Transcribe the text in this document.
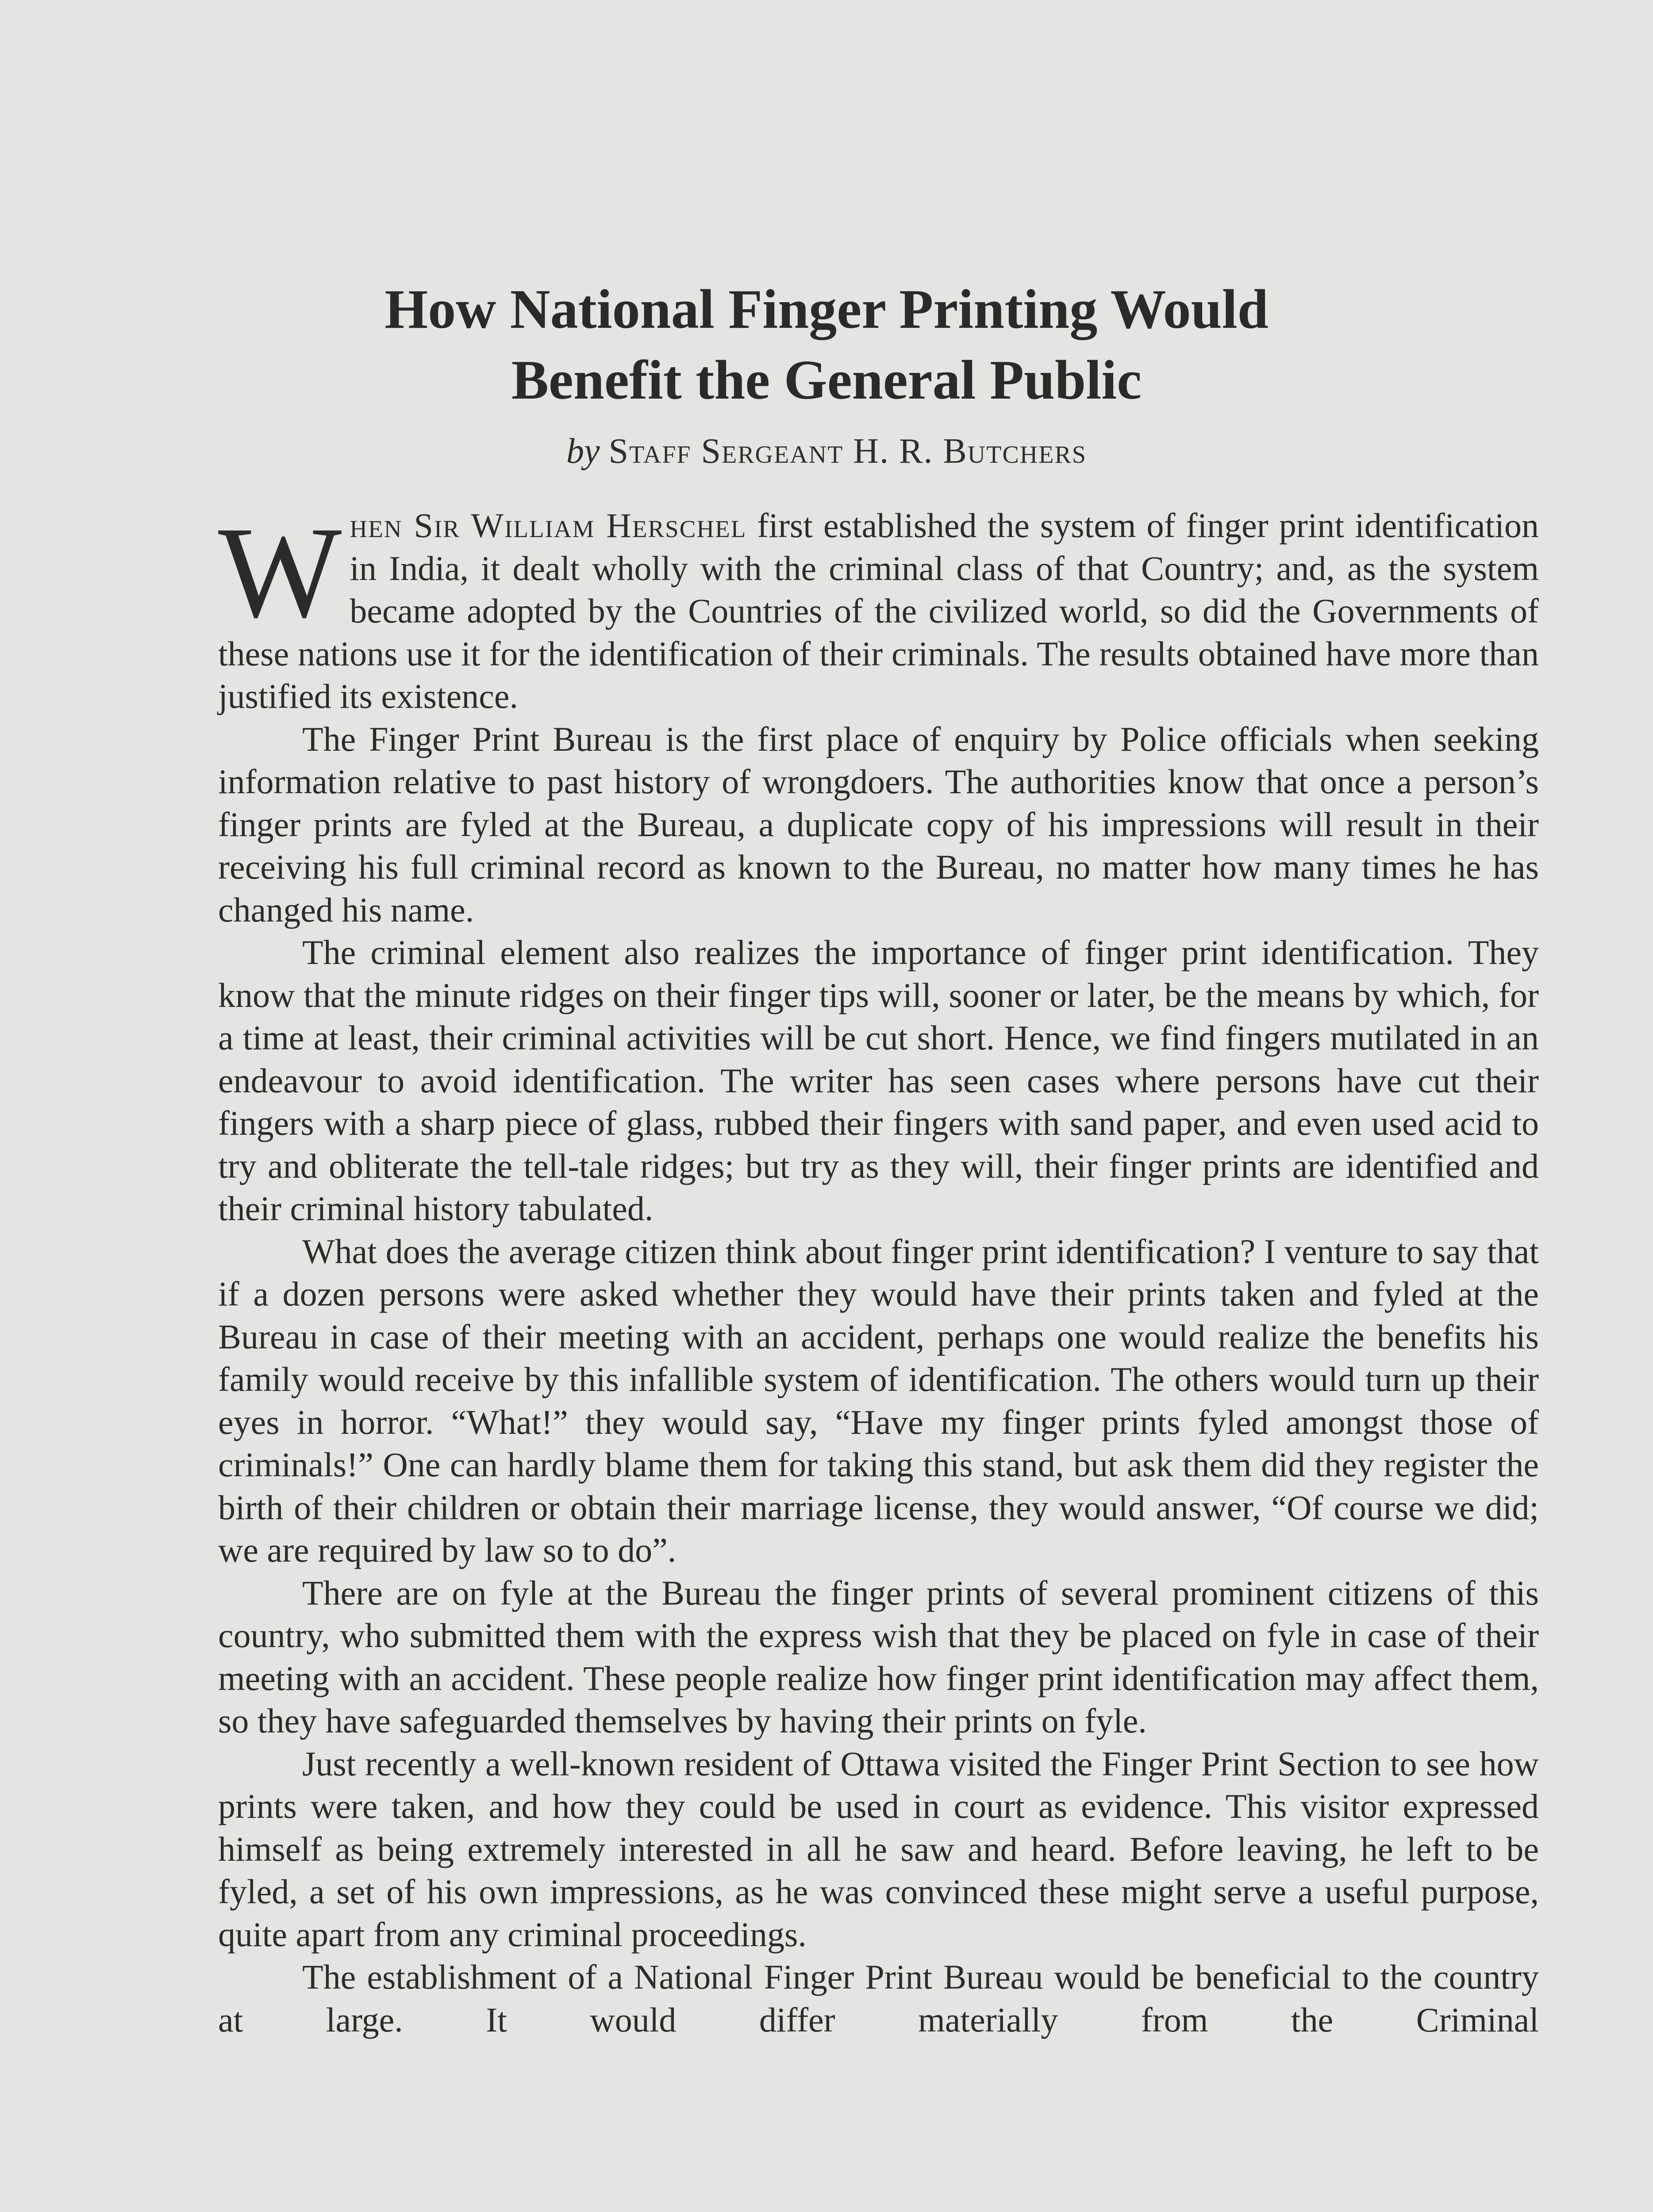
How National Finger Printing Would
Benefit the General Public
by Staff Sergeant H. R. Butchers

When Sir William Herschel first established the system of finger print identification in India, it dealt wholly with the criminal class of that Country; and, as the system became adopted by the Countries of the civilized world, so did the Governments of these nations use it for the identification of their criminals. The results obtained have more than justified its existence.

The Finger Print Bureau is the first place of enquiry by Police officials when seeking information relative to past history of wrongdoers. The authorities know that once a person’s finger prints are fyled at the Bureau, a duplicate copy of his impressions will result in their receiving his full criminal record as known to the Bureau, no matter how many times he has changed his name.

The criminal element also realizes the importance of finger print identification. They know that the minute ridges on their finger tips will, sooner or later, be the means by which, for a time at least, their criminal activities will be cut short. Hence, we find fingers mutilated in an endeavour to avoid identification. The writer has seen cases where persons have cut their fingers with a sharp piece of glass, rubbed their fingers with sand paper, and even used acid to try and obliterate the tell-tale ridges; but try as they will, their finger prints are identified and their criminal history tabulated.

What does the average citizen think about finger print identification? I venture to say that if a dozen persons were asked whether they would have their prints taken and fyled at the Bureau in case of their meeting with an accident, perhaps one would realize the benefits his family would receive by this infallible system of identification. The others would turn up their eyes in horror. “What!” they would say, “Have my finger prints fyled amongst those of criminals!” One can hardly blame them for taking this stand, but ask them did they register the birth of their children or obtain their marriage license, they would answer, “Of course we did; we are required by law so to do”.

There are on fyle at the Bureau the finger prints of several prominent citizens of this country, who submitted them with the express wish that they be placed on fyle in case of their meeting with an accident. These people realize how finger print identification may affect them, so they have safeguarded themselves by having their prints on fyle.

Just recently a well-known resident of Ottawa visited the Finger Print Section to see how prints were taken, and how they could be used in court as evidence. This visitor expressed himself as being extremely interested in all he saw and heard. Before leaving, he left to be fyled, a set of his own impressions, as he was convinced these might serve a useful purpose, quite apart from any criminal proceedings.

The establishment of a National Finger Print Bureau would be beneficial to the country at large. It would differ materially from the Criminal
